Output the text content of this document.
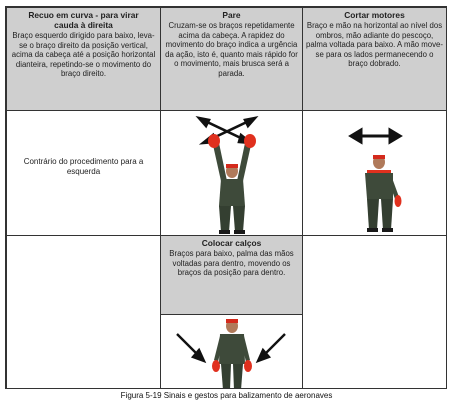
Recuo em curva - para virar cauda à direita
Braço esquerdo dirigido para baixo, leva-se o braço direito da posição vertical, acima da cabeça até a posição horizontal dianteira, repetindo-se o movimento do braço direito.
Pare
Cruzam-se os braços repetidamente acima da cabeça. A rapidez do movimento do braço indica a urgência da ação, isto é, quanto mais rápido for o movimento, mais brusca será a parada.
Cortar motores
Braço e mão na horizontal ao nível dos ombros, mão adiante do pescoço, palma voltada para baixo. A mão move-se para os lados permanecendo o braço dobrado.
Contrário do procedimento para a esquerda
Colocar calços
Braços para baixo, palma das mãos voltadas para dentro, movendo os braços da posição para dentro.
Figura 5-19 Sinais e gestos para balizamento de aeronaves
